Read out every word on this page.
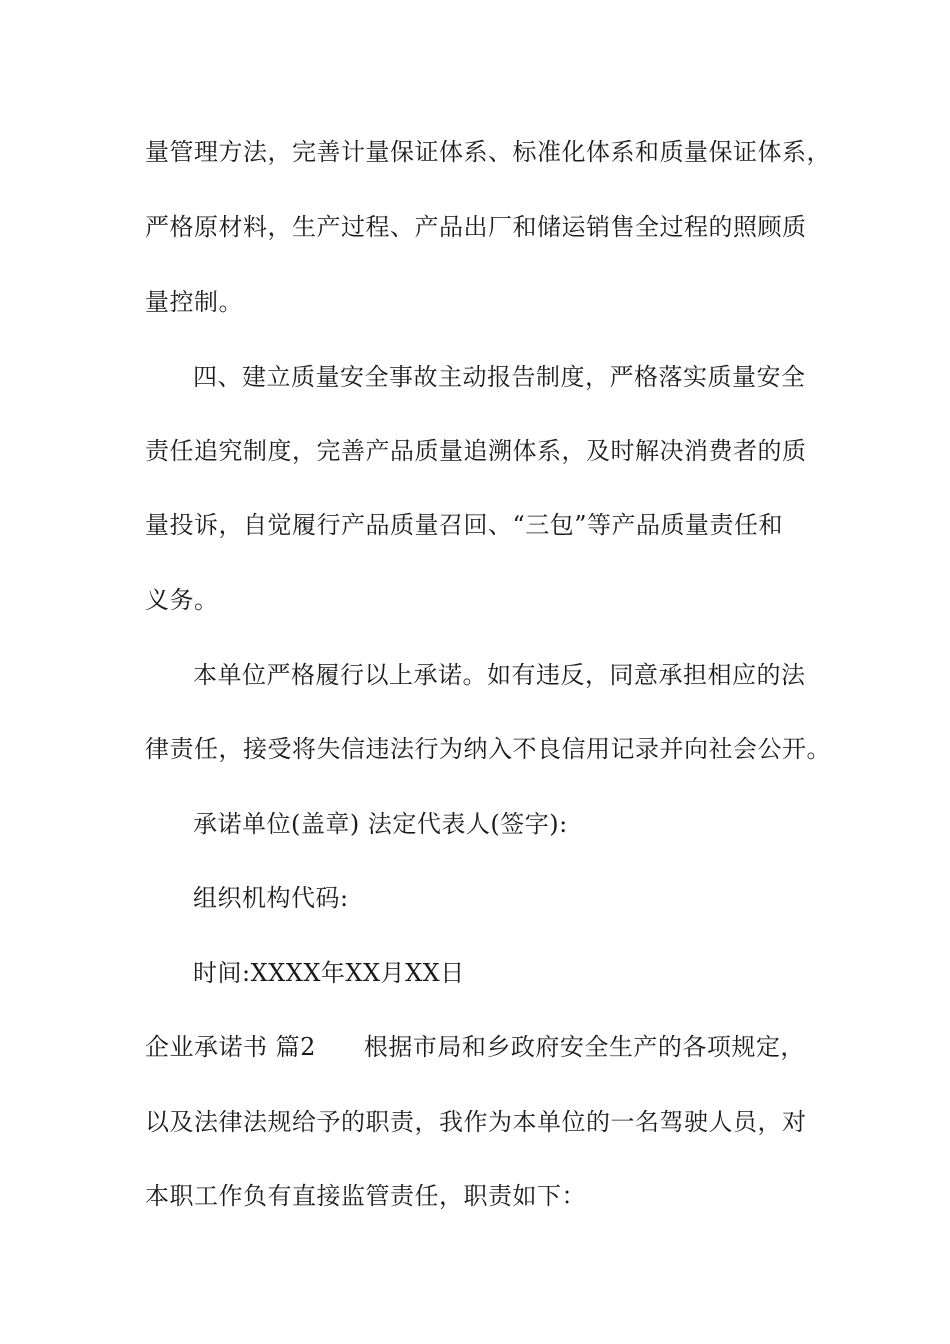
量管理方法，完善计量保证体系、标准化体系和质量保证体系，
严格原材料，生产过程、产品出厂和储运销售全过程的照顾质
量控制。
四、建立质量安全事故主动报告制度，严格落实质量安全
责任追究制度，完善产品质量追溯体系，及时解决消费者的质
量投诉，自觉履行产品质量召回、“三包”等产品质量责任和
义务。
本单位严格履行以上承诺。如有违反，同意承担相应的法
律责任，接受将失信违法行为纳入不良信用记录并向社会公开。
承诺单位(盖章) 法定代表人(签字):
组织机构代码:
时间:XXXX年XX月XX日
企业承诺书 篇2 根据市局和乡政府安全生产的各项规定，
以及法律法规给予的职责，我作为本单位的一名驾驶人员，对
本职工作负有直接监管责任，职责如下：
